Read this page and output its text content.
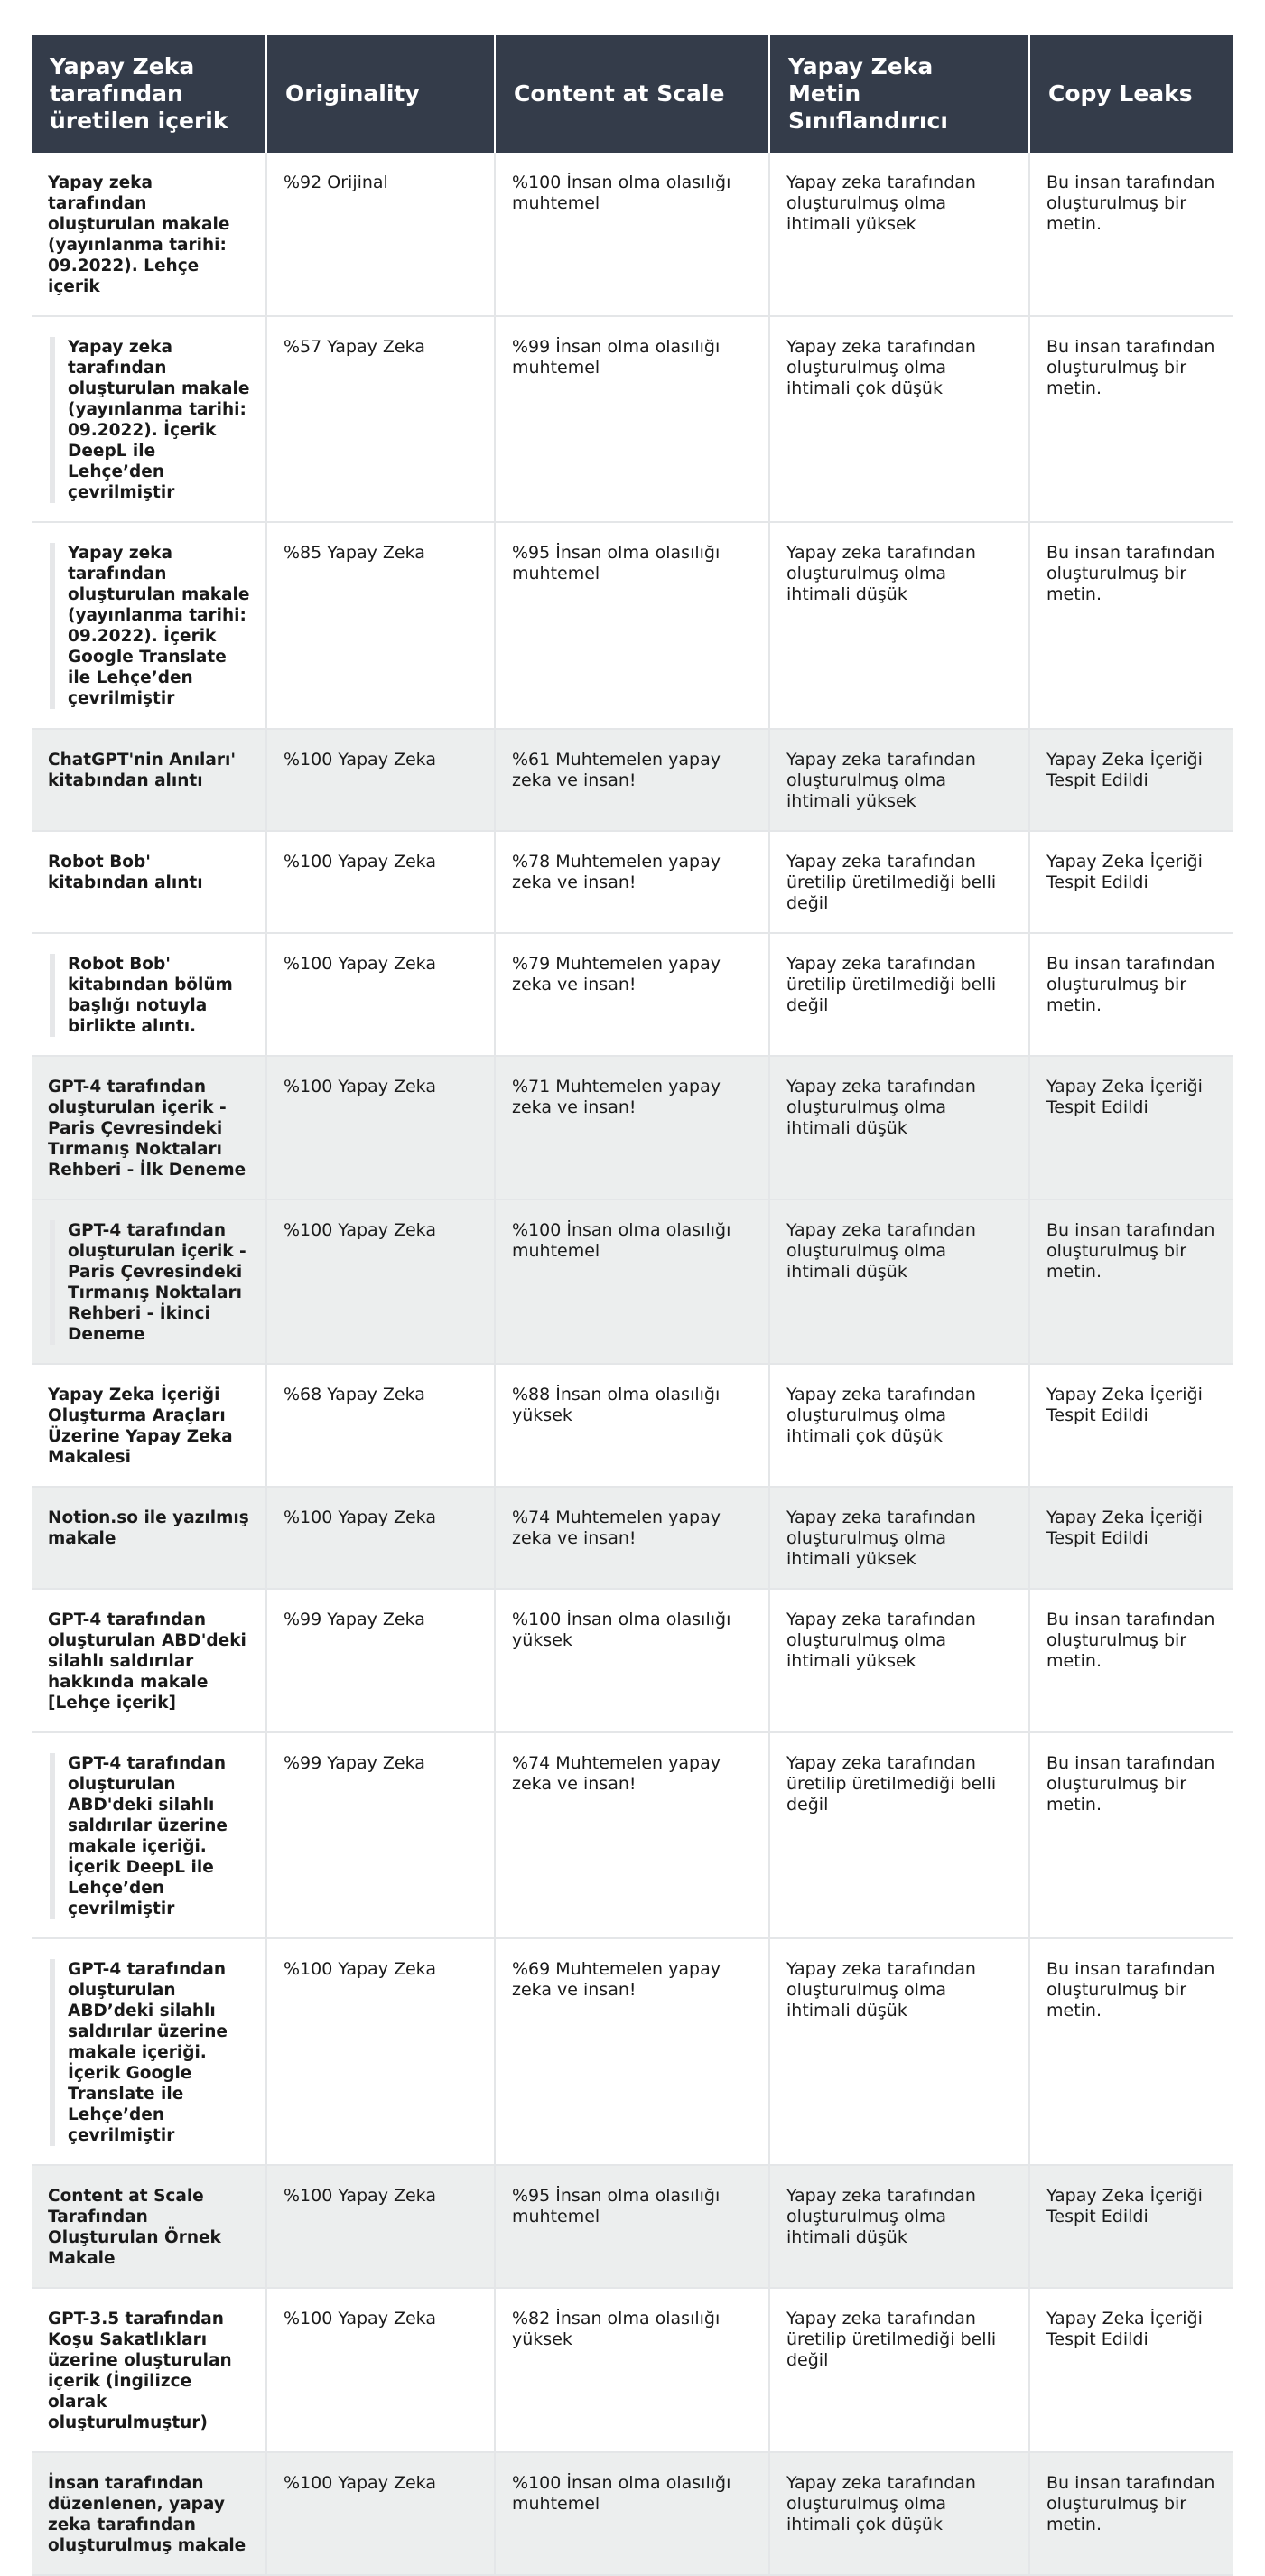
Yapay Zeka tarafından üretilen içerik	Originality	Content at Scale	Yapay Zeka Metin Sınıflandırıcı	Copy Leaks
Yapay zeka tarafından oluşturulan makale (yayınlanma tarihi: 09.2022). Lehçe içerik	%92 Orijinal	%100 İnsan olma olasılığı muhtemel	Yapay zeka tarafından oluşturulmuş olma ihtimali yüksek	Bu insan tarafından oluşturulmuş bir metin.

Yapay zeka tarafından oluşturulan makale (yayınlanma tarihi: 09.2022). İçerik DeepL ile Lehçe’den çevrilmiştir	%57 Yapay Zeka	%99 İnsan olma olasılığı muhtemel	Yapay zeka tarafından oluşturulmuş olma ihtimali çok düşük	Bu insan tarafından oluşturulmuş bir metin.

Yapay zeka tarafından oluşturulan makale (yayınlanma tarihi: 09.2022). İçerik Google Translate ile Lehçe’den çevrilmiştir	%85 Yapay Zeka	%95 İnsan olma olasılığı muhtemel	Yapay zeka tarafından oluşturulmuş olma ihtimali düşük	Bu insan tarafından oluşturulmuş bir metin.
ChatGPT'nin Anıları' kitabından alıntı	%100 Yapay Zeka	%61 Muhtemelen yapay zeka ve insan!	Yapay zeka tarafından oluşturulmuş olma ihtimali yüksek	Yapay Zeka İçeriği Tespit Edildi
Robot Bob' kitabından alıntı	%100 Yapay Zeka	%78 Muhtemelen yapay zeka ve insan!	Yapay zeka tarafından üretilip üretilmediği belli değil	Yapay Zeka İçeriği Tespit Edildi

Robot Bob' kitabından bölüm başlığı notuyla birlikte alıntı.	%100 Yapay Zeka	%79 Muhtemelen yapay zeka ve insan!	Yapay zeka tarafından üretilip üretilmediği belli değil	Bu insan tarafından oluşturulmuş bir metin.
GPT-4 tarafından oluşturulan içerik - Paris Çevresindeki Tırmanış Noktaları Rehberi - İlk Deneme	%100 Yapay Zeka	%71 Muhtemelen yapay zeka ve insan!	Yapay zeka tarafından oluşturulmuş olma ihtimali düşük	Yapay Zeka İçeriği Tespit Edildi

GPT-4 tarafından oluşturulan içerik - Paris Çevresindeki Tırmanış Noktaları Rehberi - İkinci Deneme	%100 Yapay Zeka	%100 İnsan olma olasılığı muhtemel	Yapay zeka tarafından oluşturulmuş olma ihtimali düşük	Bu insan tarafından oluşturulmuş bir metin.
Yapay Zeka İçeriği Oluşturma Araçları Üzerine Yapay Zeka Makalesi	%68 Yapay Zeka	%88 İnsan olma olasılığı yüksek	Yapay zeka tarafından oluşturulmuş olma ihtimali çok düşük	Yapay Zeka İçeriği Tespit Edildi
Notion.so ile yazılmış makale	%100 Yapay Zeka	%74 Muhtemelen yapay zeka ve insan!	Yapay zeka tarafından oluşturulmuş olma ihtimali yüksek	Yapay Zeka İçeriği Tespit Edildi
GPT-4 tarafından oluşturulan ABD'deki silahlı saldırılar hakkında makale [Lehçe içerik]	%99 Yapay Zeka	%100 İnsan olma olasılığı yüksek	Yapay zeka tarafından oluşturulmuş olma ihtimali yüksek	Bu insan tarafından oluşturulmuş bir metin.

GPT-4 tarafından oluşturulan ABD'deki silahlı saldırılar üzerine makale içeriği. İçerik DeepL ile Lehçe’den çevrilmiştir	%99 Yapay Zeka	%74 Muhtemelen yapay zeka ve insan!	Yapay zeka tarafından üretilip üretilmediği belli değil	Bu insan tarafından oluşturulmuş bir metin.

GPT-4 tarafından oluşturulan ABD’deki silahlı saldırılar üzerine makale içeriği. İçerik Google Translate ile Lehçe’den çevrilmiştir	%100 Yapay Zeka	%69 Muhtemelen yapay zeka ve insan!	Yapay zeka tarafından oluşturulmuş olma ihtimali düşük	Bu insan tarafından oluşturulmuş bir metin.
Content at Scale Tarafından Oluşturulan Örnek Makale	%100 Yapay Zeka	%95 İnsan olma olasılığı muhtemel	Yapay zeka tarafından oluşturulmuş olma ihtimali düşük	Yapay Zeka İçeriği Tespit Edildi
GPT-3.5 tarafından Koşu Sakatlıkları üzerine oluşturulan içerik (İngilizce olarak oluşturulmuştur)	%100 Yapay Zeka	%82 İnsan olma olasılığı yüksek	Yapay zeka tarafından üretilip üretilmediği belli değil	Yapay Zeka İçeriği Tespit Edildi
İnsan tarafından düzenlenen, yapay zeka tarafından oluşturulmuş makale	%100 Yapay Zeka	%100 İnsan olma olasılığı muhtemel	Yapay zeka tarafından oluşturulmuş olma ihtimali çok düşük	Bu insan tarafından oluşturulmuş bir metin.
